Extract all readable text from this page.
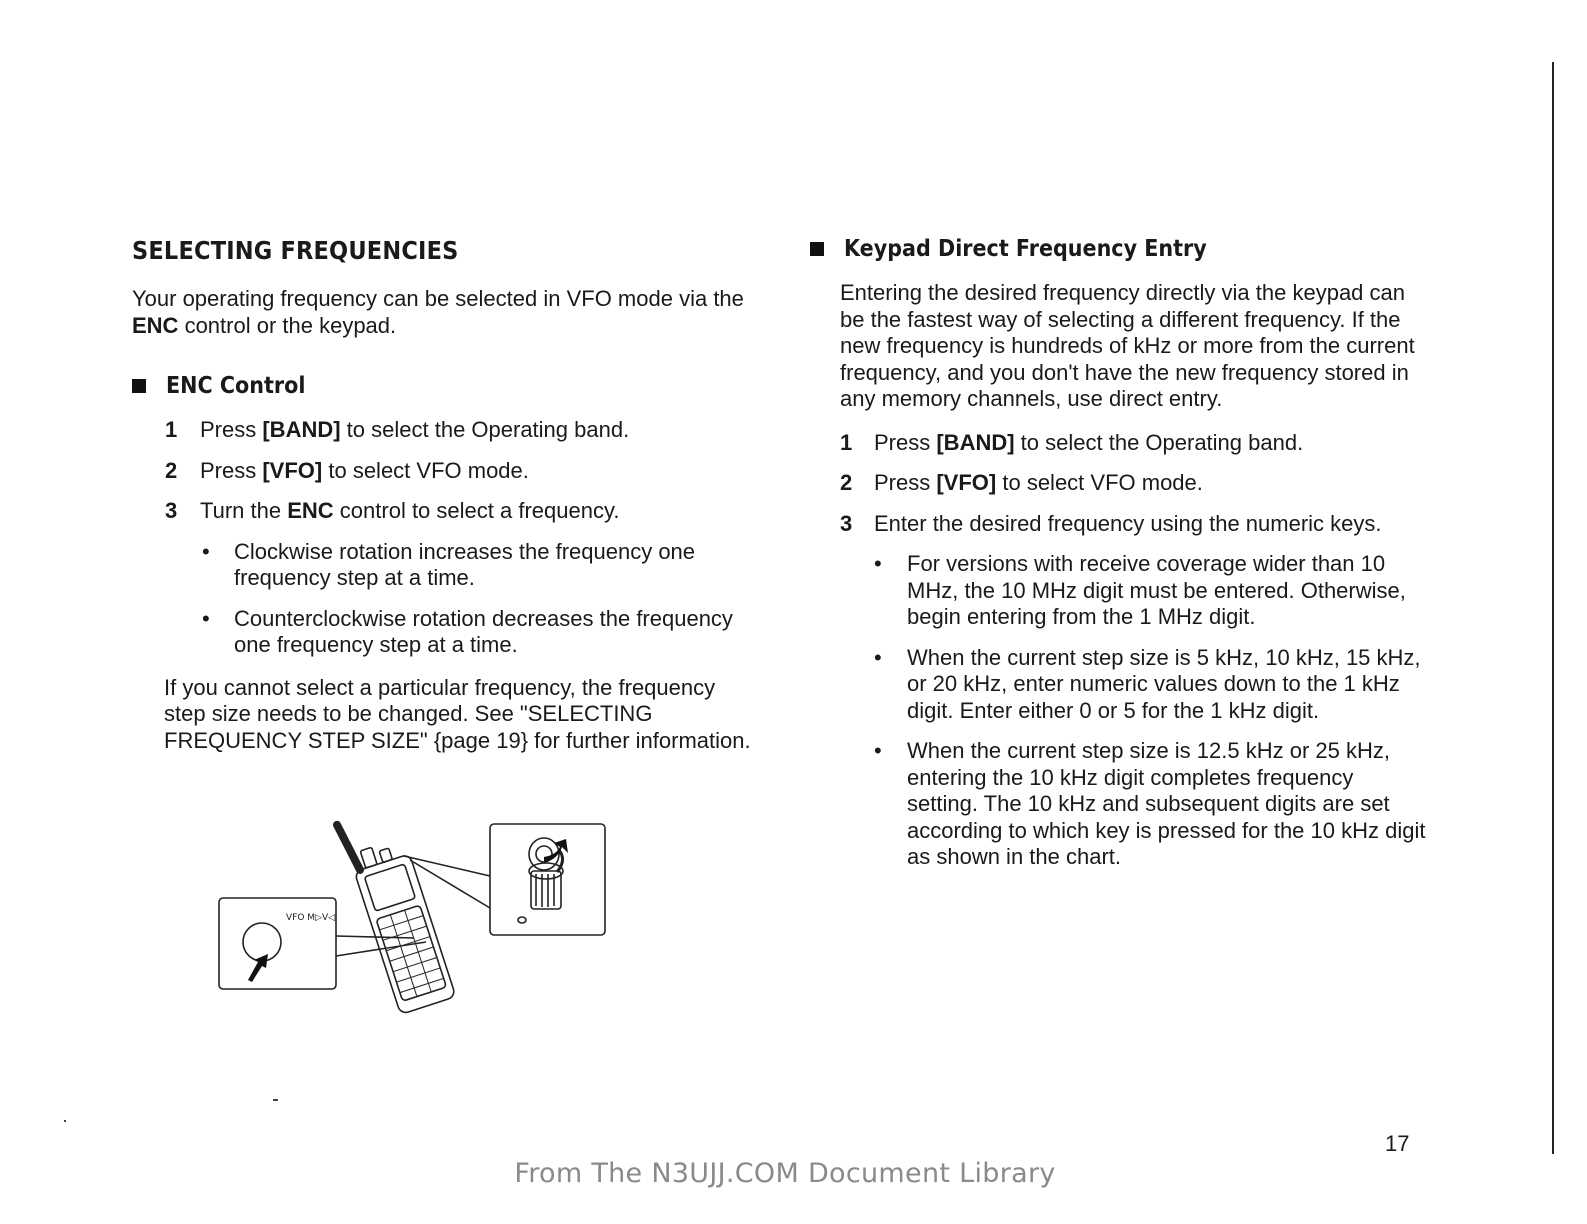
SELECTING FREQUENCIES

Your operating frequency can be selected in VFO mode via the ENC control or the keypad.

ENC Control
1 Press [BAND] to select the Operating band.
2 Press [VFO] to select VFO mode.
3 Turn the ENC control to select a frequency.
• Clockwise rotation increases the frequency one frequency step at a time.
• Counterclockwise rotation decreases the frequency one frequency step at a time.

If you cannot select a particular frequency, the frequency step size needs to be changed. See "SELECTING FREQUENCY STEP SIZE" {page 19} for further information.

VFO M▷V◁
Keypad Direct Frequency Entry

Entering the desired frequency directly via the keypad can be the fastest way of selecting a different frequency. If the new frequency is hundreds of kHz or more from the current frequency, and you don't have the new frequency stored in any memory channels, use direct entry.

1 Press [BAND] to select the Operating band.
2 Press [VFO] to select VFO mode.
3 Enter the desired frequency using the numeric keys.
• For versions with receive coverage wider than 10 MHz, the 10 MHz digit must be entered. Otherwise, begin entering from the 1 MHz digit.
• When the current step size is 5 kHz, 10 kHz, 15 kHz, or 20 kHz, enter numeric values down to the 1 kHz digit. Enter either 0 or 5 for the 1 kHz digit.
• When the current step size is 12.5 kHz or 25 kHz, entering the 10 kHz digit completes frequency setting. The 10 kHz and subsequent digits are set according to which key is pressed for the 10 kHz digit as shown in the chart.
17
From The N3UJJ.COM Document Library
